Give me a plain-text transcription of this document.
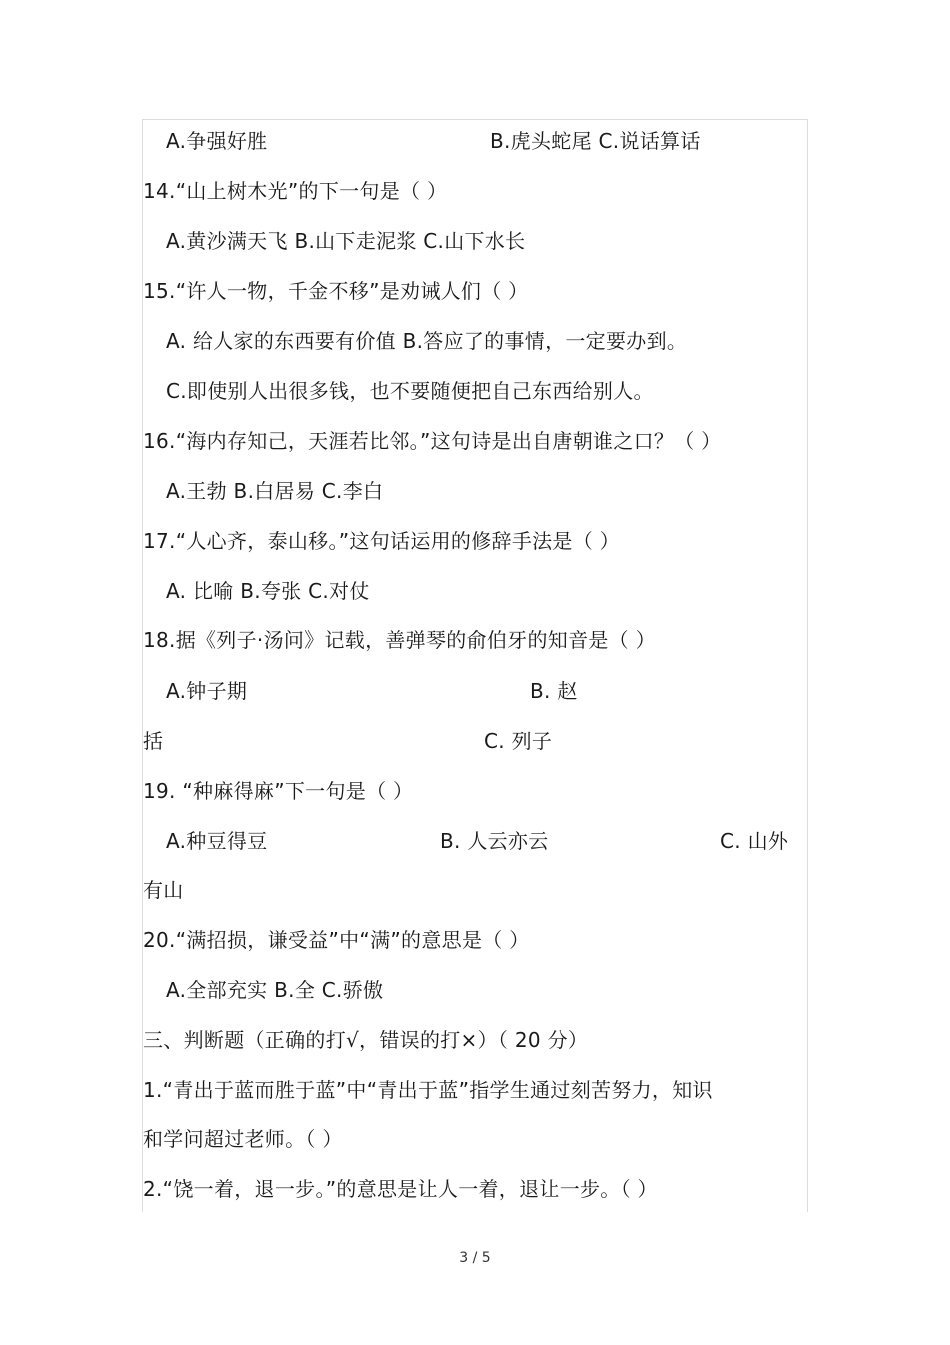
A.争强好胜	B.虎头蛇尾 C.说话算话
14.“山上树木光”的下一句是（ ）
A.黄沙满天飞 B.山下走泥浆 C.山下水长
15.“许人一物，千金不移”是劝诫人们（ ）
A. 给人家的东西要有价值 B.答应了的事情，一定要办到。
C.即使别人出很多钱，也不要随便把自己东西给别人。
16.“海内存知己，天涯若比邻。”这句诗是出自唐朝谁之口？（ ）
A.王勃 B.白居易 C.李白
17.“人心齐，泰山移。”这句话运用的修辞手法是（ ）
A. 比喻 B.夸张 C.对仗
18.据《列子·汤问》记载，善弹琴的俞伯牙的知音是（ ）
A.钟子期	B. 赵
括	C. 列子
19. “种麻得麻”下一句是（ ）
A.种豆得豆	B. 人云亦云	C. 山外
有山
20.“满招损，谦受益”中“满”的意思是（ ）
A.全部充实 B.全 C.骄傲
三、判断题（正确的打√，错误的打×）（ 20 分）
1.“青出于蓝而胜于蓝”中“青出于蓝”指学生通过刻苦努力，知识
和学问超过老师。（ ）
2.“饶一着，退一步。”的意思是让人一着，退让一步。（ ）
3 / 5
